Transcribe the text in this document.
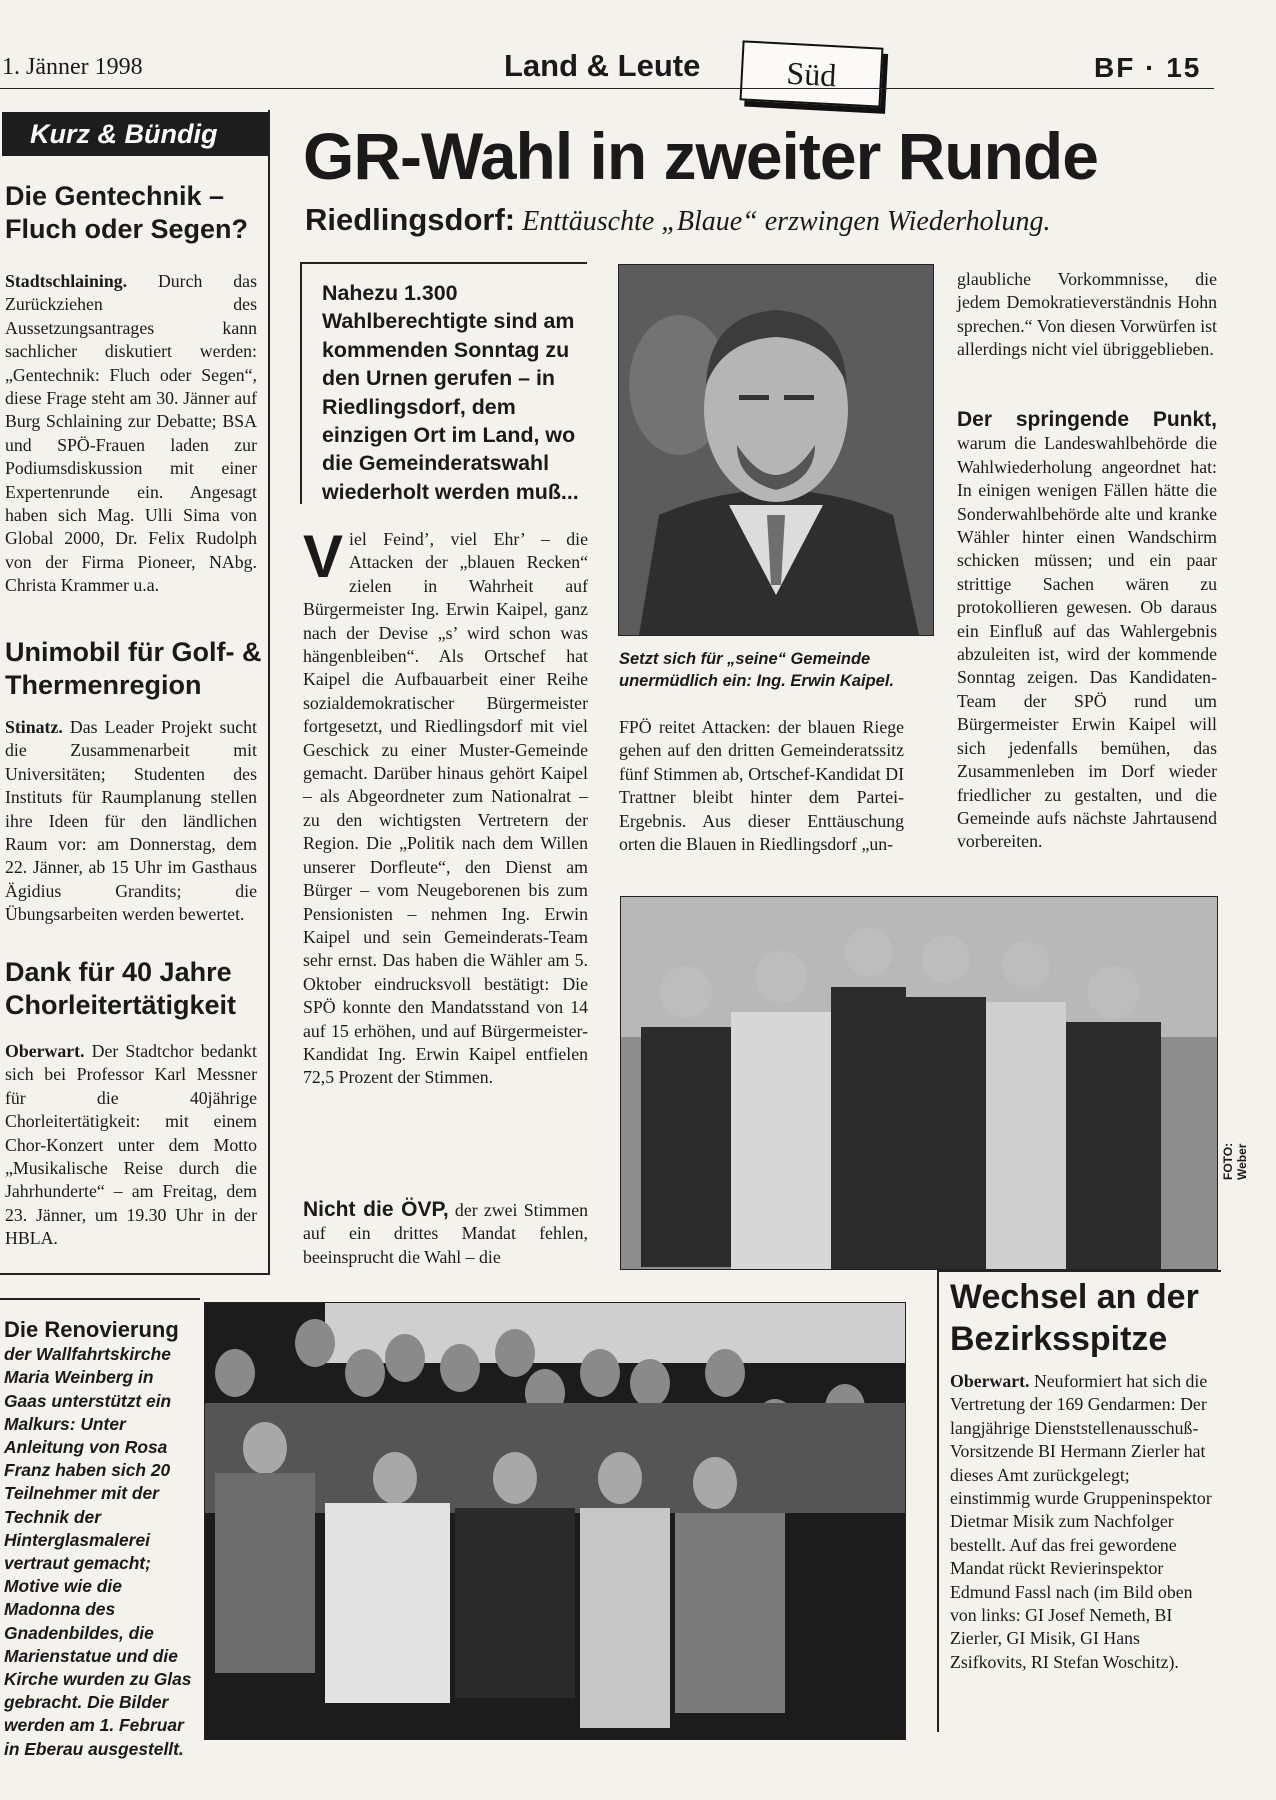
1. Jänner 1998	Land & Leute	Süd	BF · 15
Kurz & Bündig
Die Gentechnik – Fluch oder Segen?
Stadtschlaining. Durch das Zurückziehen des Aussetzungsantrages kann sachlicher diskutiert werden: „Gentechnik: Fluch oder Segen“, diese Frage steht am 30. Jänner auf Burg Schlaining zur Debatte; BSA und SPÖ-Frauen laden zur Podiumsdiskussion mit einer Expertenrunde ein. Angesagt haben sich Mag. Ulli Sima von Global 2000, Dr. Felix Rudolph von der Firma Pioneer, NAbg. Christa Krammer u.a.
Unimobil für Golf- & Thermenregion
Stinatz. Das Leader Projekt sucht die Zusammenarbeit mit Universitäten; Studenten des Instituts für Raumplanung stellen ihre Ideen für den ländlichen Raum vor: am Donnerstag, dem 22. Jänner, ab 15 Uhr im Gasthaus Ägidius Grandits; die Übungsarbeiten werden bewertet.
Dank für 40 Jahre Chorleitertätigkeit
Oberwart. Der Stadtchor bedankt sich bei Professor Karl Messner für die 40jährige Chorleitertätigkeit: mit einem Chor-Konzert unter dem Motto „Musikalische Reise durch die Jahrhunderte“ – am Freitag, dem 23. Jänner, um 19.30 Uhr in der HBLA.
GR-Wahl in zweiter Runde
Riedlingsdorf: Enttäuschte „Blaue“ erzwingen Wiederholung.
Nahezu 1.300 Wahlberechtigte sind am kommenden Sonntag zu den Urnen gerufen – in Riedlingsdorf, dem einzigen Ort im Land, wo die Gemeinderatswahl wiederholt werden muß...
Viel Feind’, viel Ehr’ – die Attacken der „blauen Recken“ zielen in Wahrheit auf Bürgermeister Ing. Erwin Kaipel, ganz nach der Devise „s’ wird schon was hängenbleiben“. Als Ortschef hat Kaipel die Aufbauarbeit einer Reihe sozialdemokratischer Bürgermeister fortgesetzt, und Riedlingsdorf mit viel Geschick zu einer Muster-Gemeinde gemacht. Darüber hinaus gehört Kaipel – als Abgeordneter zum Nationalrat – zu den wichtigsten Vertretern der Region. Die „Politik nach dem Willen unserer Dorfleute“, den Dienst am Bürger – vom Neugeborenen bis zum Pensionisten – nehmen Ing. Erwin Kaipel und sein Gemeinderats-Team sehr ernst. Das haben die Wähler am 5. Oktober eindrucksvoll bestätigt: Die SPÖ konnte den Mandatsstand von 14 auf 15 erhöhen, und auf Bürgermeister-Kandidat Ing. Erwin Kaipel entfielen 72,5 Prozent der Stimmen.
Nicht die ÖVP, der zwei Stimmen auf ein drittes Mandat fehlen, beeinsprucht die Wahl – die
Setzt sich für „seine“ Gemeinde unermüdlich ein: Ing. Erwin Kaipel.
FPÖ reitet Attacken: der blauen Riege gehen auf den dritten Gemeinderatssitz fünf Stimmen ab, Ortschef-Kandidat DI Trattner bleibt hinter dem Partei-Ergebnis. Aus dieser Enttäuschung orten die Blauen in Riedlingsdorf „un-
glaubliche Vorkommnisse, die jedem Demokratieverständnis Hohn sprechen.“ Von diesen Vorwürfen ist allerdings nicht viel übriggeblieben.
Der springende Punkt, warum die Landeswahlbehörde die Wahlwiederholung angeordnet hat: In einigen wenigen Fällen hätte die Sonderwahlbehörde alte und kranke Wähler hinter einen Wandschirm schicken müssen; und ein paar strittige Sachen wären zu protokollieren gewesen. Ob daraus ein Einfluß auf das Wahlergebnis abzuleiten ist, wird der kommende Sonntag zeigen. Das Kandidaten-Team der SPÖ rund um Bürgermeister Erwin Kaipel will sich jedenfalls bemühen, das Zusammenleben im Dorf wieder friedlicher zu gestalten, und die Gemeinde aufs nächste Jahrtausend vorbereiten.
FOTO: Weber
Wechsel an der Bezirksspitze
Oberwart. Neuformiert hat sich die Vertretung der 169 Gendarmen: Der langjährige Dienststellenausschuß-Vorsitzende BI Hermann Zierler hat dieses Amt zurückgelegt; einstimmig wurde Gruppeninspektor Dietmar Misik zum Nachfolger bestellt. Auf das frei gewordene Mandat rückt Revierinspektor Edmund Fassl nach (im Bild oben von links: GI Josef Nemeth, BI Zierler, GI Misik, GI Hans Zsifkovits, RI Stefan Woschitz).
Die Renovierung der Wallfahrtskirche Maria Weinberg in Gaas unterstützt ein Malkurs: Unter Anleitung von Rosa Franz haben sich 20 Teilnehmer mit der Technik der Hinterglasmalerei vertraut gemacht; Motive wie die Madonna des Gnadenbildes, die Marienstatue und die Kirche wurden zu Glas gebracht. Die Bilder werden am 1. Februar in Eberau ausgestellt.
